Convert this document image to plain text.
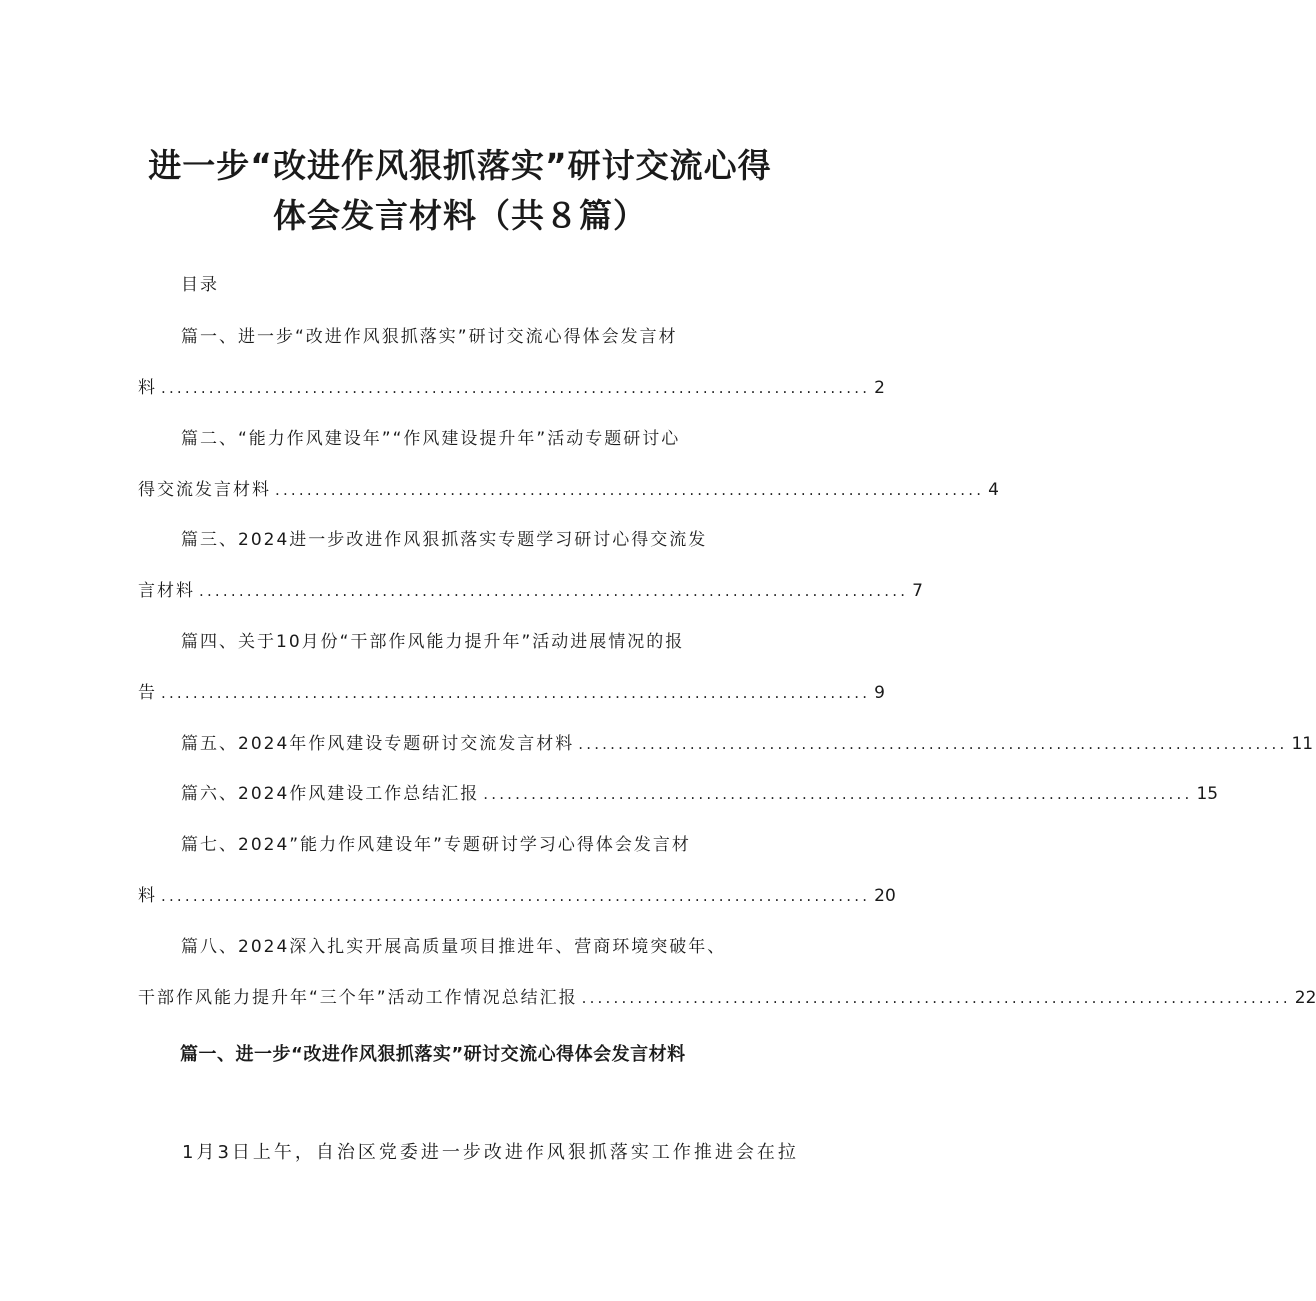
进一步“改进作风狠抓落实”研讨交流心得
体会发言材料（共８篇）
目录
篇一、进一步“改进作风狠抓落实”研讨交流心得体会发言材
料 ......................................................................................... 2
篇二、“能力作风建设年”“作风建设提升年”活动专题研讨心
得交流发言材料 ......................................................................................... 4
篇三、2024进一步改进作风狠抓落实专题学习研讨心得交流发
言材料 ......................................................................................... 7
篇四、关于10月份“干部作风能力提升年”活动进展情况的报
告 ......................................................................................... 9
篇五、2024年作风建设专题研讨交流发言材料 ......................................................................................... 11
篇六、2024作风建设工作总结汇报 ......................................................................................... 15
篇七、2024”能力作风建设年”专题研讨学习心得体会发言材
料 ......................................................................................... 20
篇八、2024深入扎实开展高质量项目推进年、营商环境突破年、
干部作风能力提升年“三个年”活动工作情况总结汇报 ......................................................................................... 22
篇一、进一步“改进作风狠抓落实”研讨交流心得体会发言材料
1月3日上午，自治区党委进一步改进作风狠抓落实工作推进会在拉
